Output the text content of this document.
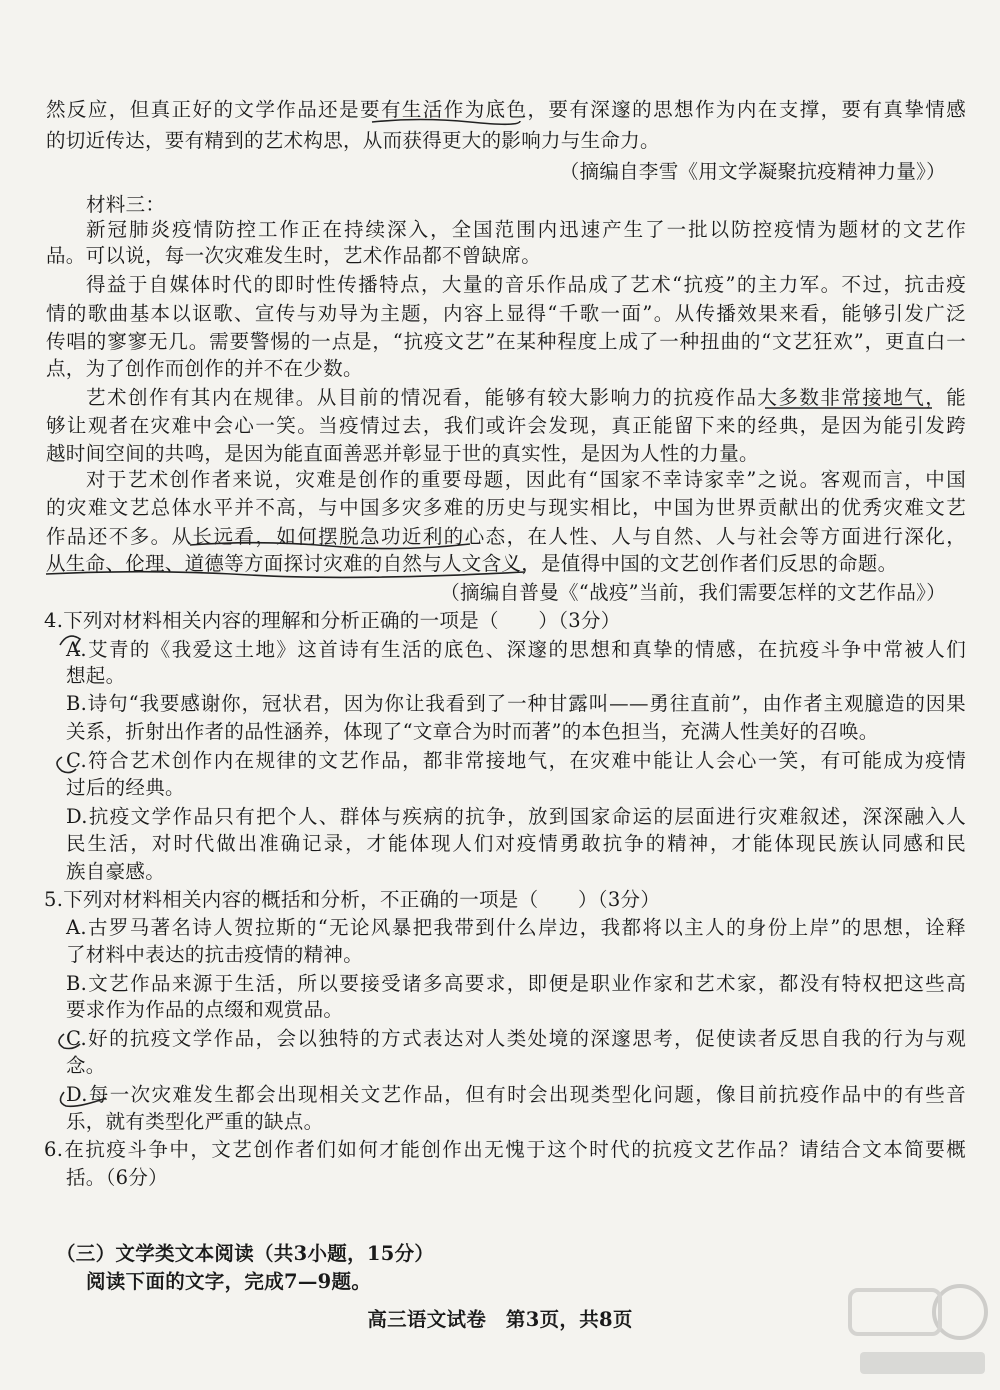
然反应，但真正好的文学作品还是要有生活作为底色，要有深邃的思想作为内在支撑，要有真挚情感
的切近传达，要有精到的艺术构思，从而获得更大的影响力与生命力。
（摘编自李雪《用文学凝聚抗疫精神力量》）
材料三：
新冠肺炎疫情防控工作正在持续深入，全国范围内迅速产生了一批以防控疫情为题材的文艺作
品。可以说，每一次灾难发生时，艺术作品都不曾缺席。
得益于自媒体时代的即时性传播特点，大量的音乐作品成了艺术“抗疫”的主力军。不过，抗击疫
情的歌曲基本以讴歌、宣传与劝导为主题，内容上显得“千歌一面”。从传播效果来看，能够引发广泛
传唱的寥寥无几。需要警惕的一点是，“抗疫文艺”在某种程度上成了一种扭曲的“文艺狂欢”，更直白一
点，为了创作而创作的并不在少数。
艺术创作有其内在规律。从目前的情况看，能够有较大影响力的抗疫作品大多数非常接地气，能
够让观者在灾难中会心一笑。当疫情过去，我们或许会发现，真正能留下来的经典，是因为能引发跨
越时间空间的共鸣，是因为能直面善恶并彰显于世的真实性，是因为人性的力量。
对于艺术创作者来说，灾难是创作的重要母题，因此有“国家不幸诗家幸”之说。客观而言，中国
的灾难文艺总体水平并不高，与中国多灾多难的历史与现实相比，中国为世界贡献出的优秀灾难文艺
作品还不多。从长远看，如何摆脱急功近利的心态，在人性、人与自然、人与社会等方面进行深化，
从生命、伦理、道德等方面探讨灾难的自然与人文含义，是值得中国的文艺创作者们反思的命题。
（摘编自普曼《“战疫”当前，我们需要怎样的文艺作品》）
4.下列对材料相关内容的理解和分析正确的一项是（　　）（3分）
A.艾青的《我爱这土地》这首诗有生活的底色、深邃的思想和真挚的情感，在抗疫斗争中常被人们
想起。
B.诗句“我要感谢你，冠状君，因为你让我看到了一种甘露叫——勇往直前”，由作者主观臆造的因果
关系，折射出作者的品性涵养，体现了“文章合为时而著”的本色担当，充满人性美好的召唤。
C.符合艺术创作内在规律的文艺作品，都非常接地气，在灾难中能让人会心一笑，有可能成为疫情
过后的经典。
D.抗疫文学作品只有把个人、群体与疾病的抗争，放到国家命运的层面进行灾难叙述，深深融入人
民生活，对时代做出准确记录，才能体现人们对疫情勇敢抗争的精神，才能体现民族认同感和民
族自豪感。
5.下列对材料相关内容的概括和分析，不正确的一项是（　　）（3分）
A.古罗马著名诗人贺拉斯的“无论风暴把我带到什么岸边，我都将以主人的身份上岸”的思想，诠释
了材料中表达的抗击疫情的精神。
B.文艺作品来源于生活，所以要接受诸多高要求，即便是职业作家和艺术家，都没有特权把这些高
要求作为作品的点缀和观赏品。
C.好的抗疫文学作品，会以独特的方式表达对人类处境的深邃思考，促使读者反思自我的行为与观
念。
D.每一次灾难发生都会出现相关文艺作品，但有时会出现类型化问题，像目前抗疫作品中的有些音
乐，就有类型化严重的缺点。
6.在抗疫斗争中，文艺创作者们如何才能创作出无愧于这个时代的抗疫文艺作品？请结合文本简要概
括。（6分）
（三）文学类文本阅读（共3小题，15分）
阅读下面的文字，完成7—9题。
高三语文试卷　第3页，共8页
